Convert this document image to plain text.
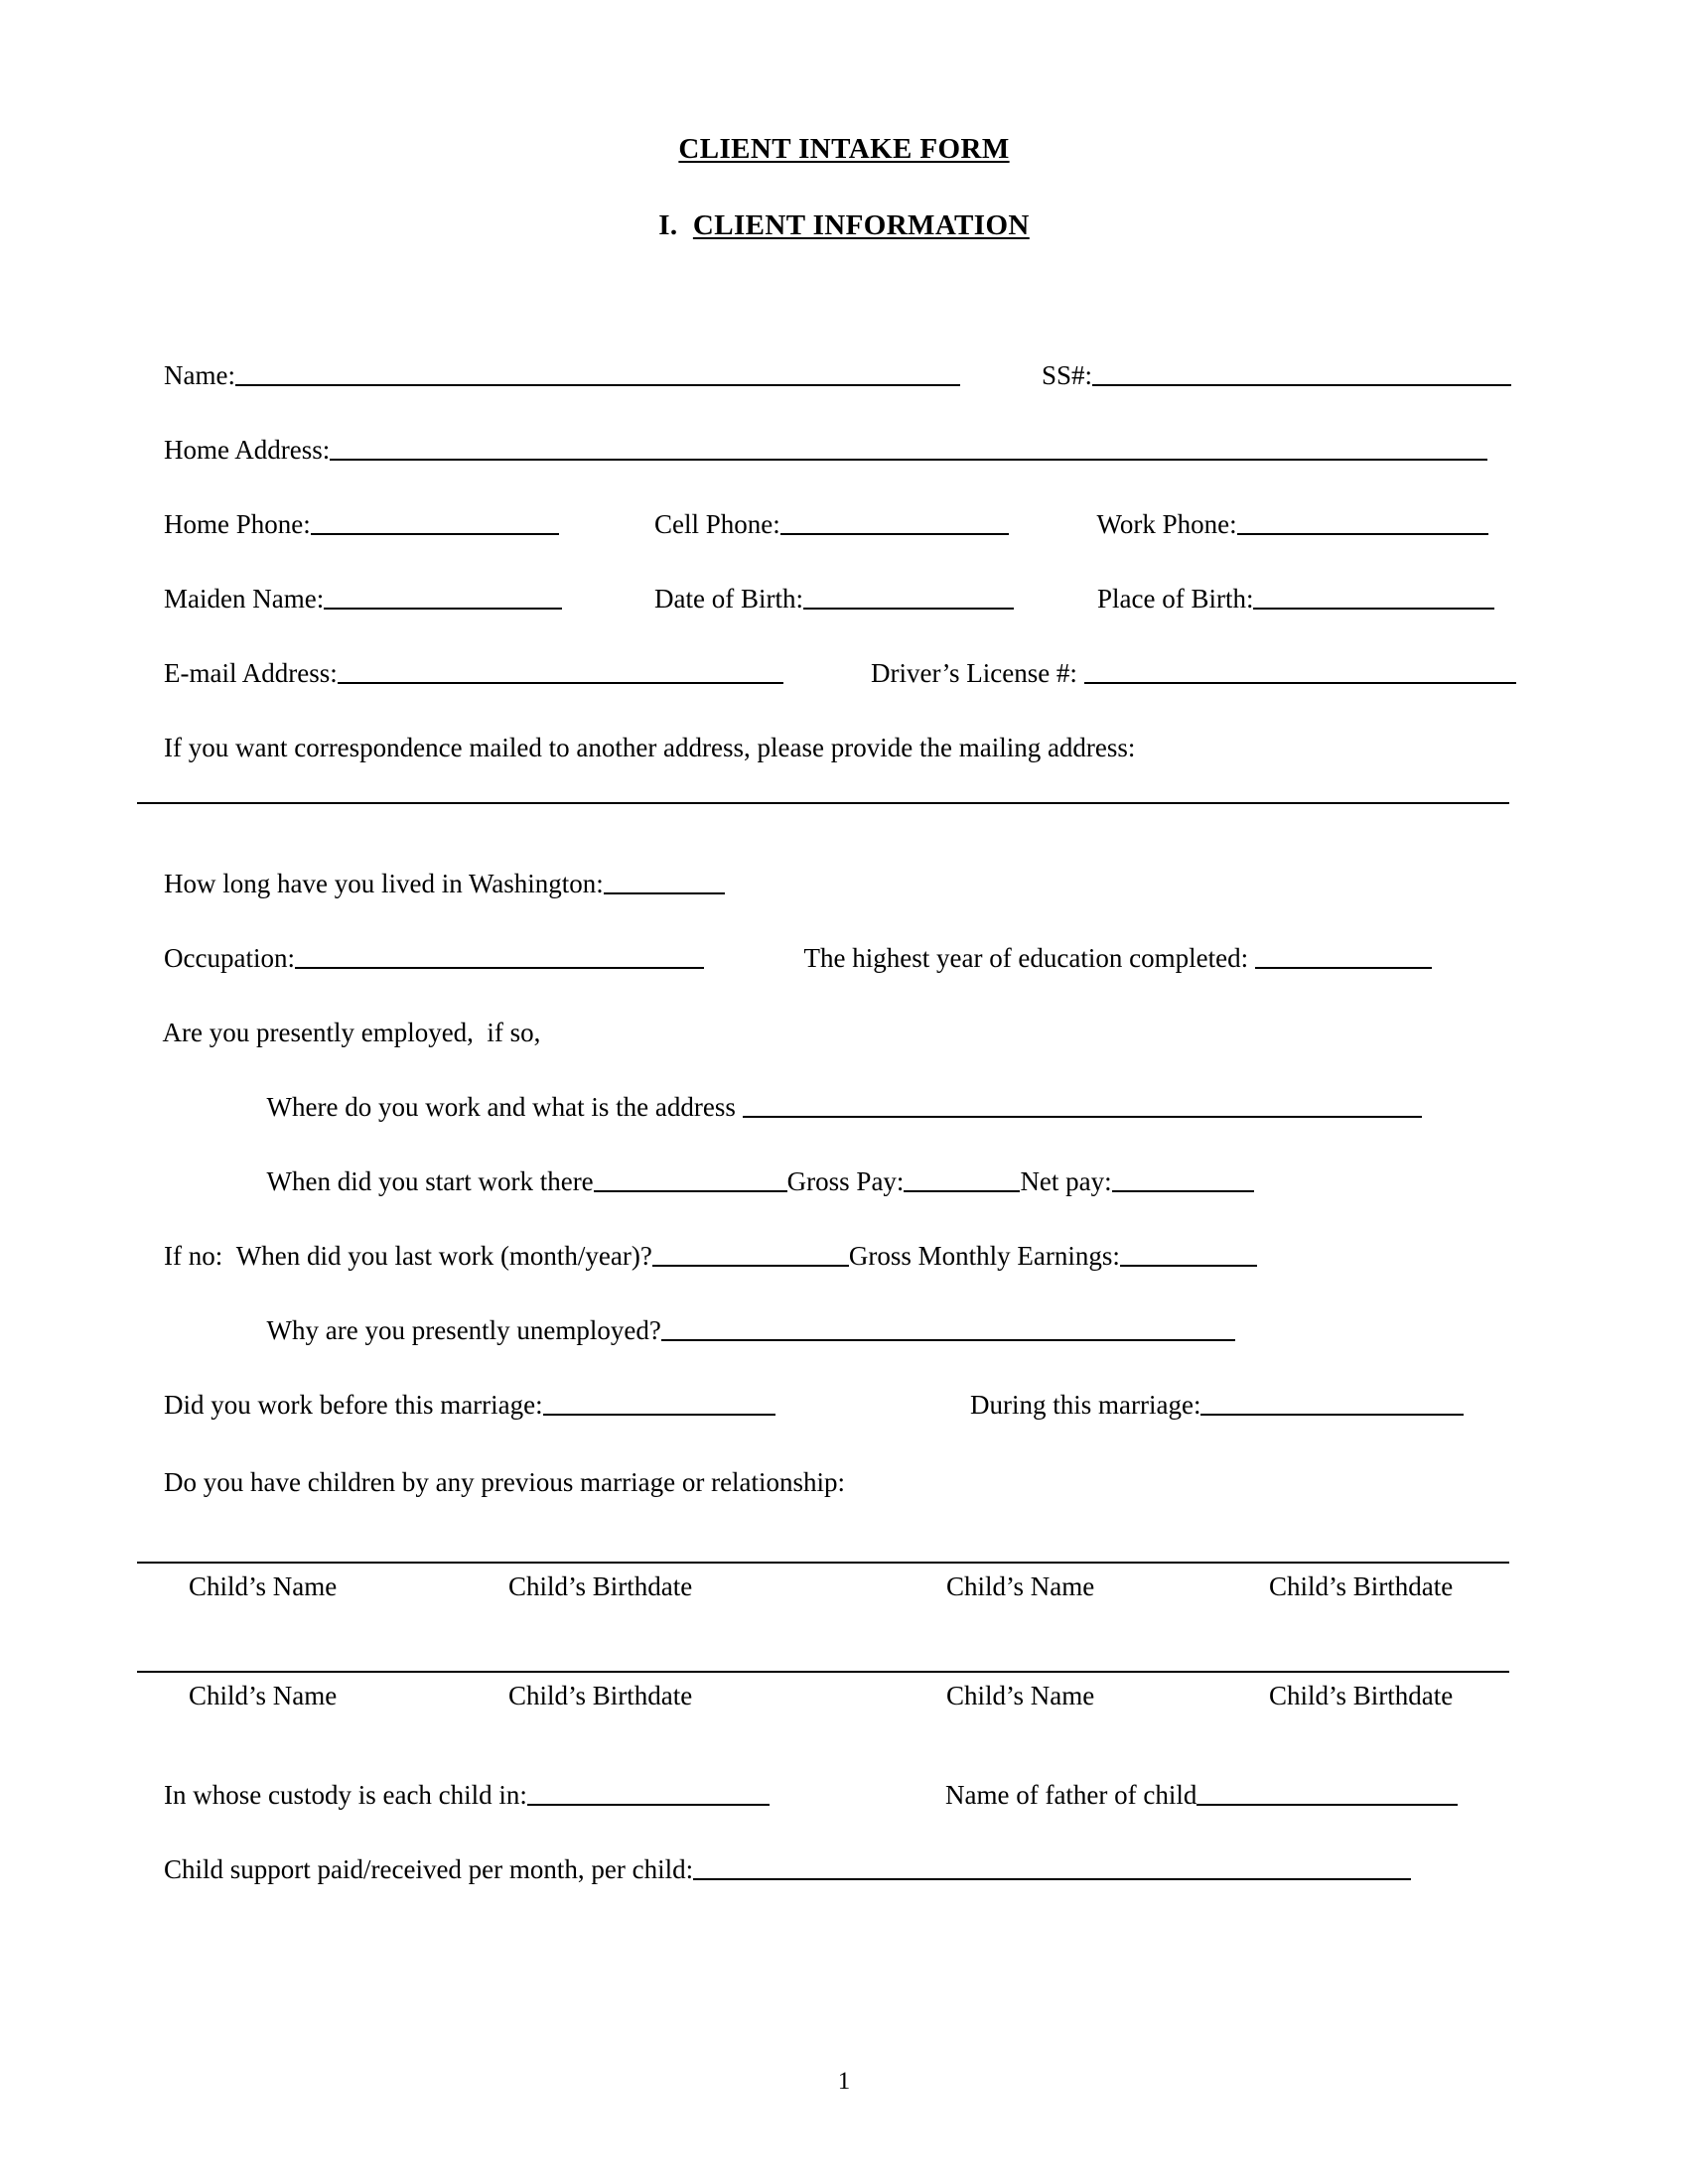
CLIENT INTAKE FORM
I. CLIENT INFORMATION

Name:
	SS#:

Home Address:

Home Phone:
	Cell Phone:
	Work Phone:

Maiden Name:
	Date of Birth:
	Place of Birth:

E-mail Address:
	Driver’s License #:

If you want correspondence mailed to another address, please provide the mailing address:

How long have you lived in Washington:

Occupation:
	The highest year of education completed:

Are you presently employed,  if so,

Where do you work and what is the address

When did you start work there	Gross Pay:	Net pay:

If no: When did you last work (month/year)?	Gross Monthly Earnings:

Why are you presently unemployed?

Did you work before this marriage:
	During this marriage:

Do you have children by any previous marriage or relationship:

Child’s Name	Child’s Birthdate	Child’s Name	Child’s Birthdate
Child’s Name	Child’s Birthdate	Child’s Name	Child’s Birthdate

In whose custody is each child in:
	Name of father of child

Child support paid/received per month, per child:

1
